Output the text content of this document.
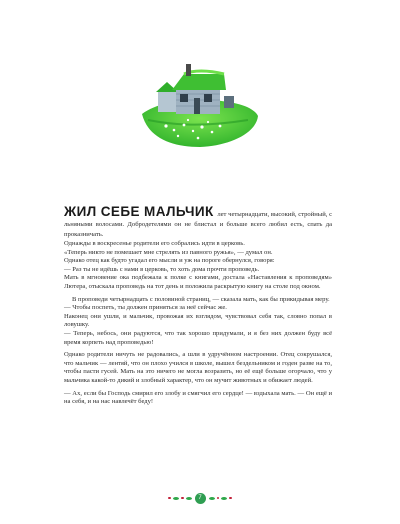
ЖИЛ СЕБЕ МАЛЬЧИК лет четырнадцати, высокий, стройный, с льняными волосами. Добродетелями он не блистал и больше всего любил есть, спать да проказничать.

Однажды в воскресенье родители его собрались идти в церковь.

«Теперь никто не помешает мне стрелять из павного ружья», — думал он.

Однако отец как будто угадал его мысли и уж на пороге обернулся, говоря:

— Раз ты не идёшь с нами в церковь, то хоть дома прочти проповедь.

Мать в мгновение ока подбежала к полке с книгами, достала «Наставления к проповедям» Лютера, отыскала проповедь на тот день и положила раскрытую книгу на столе под окном.

В проповеди четырнадцать с половиной страниц, — сказала мать, как бы прикидывая меру.

— Чтобы поспеть, ты должен приняться за неё сейчас же.

Наконец они ушли, и мальчик, провожая их взглядом, чувствовал себя так, словно попал в ловушку.

— Теперь, небось, они радуются, что так хорошо придумали, и я без них должен буду всё время корпеть над проповедью!

Однако родители ничуть не радовались, а шли в удручённом настроении. Отец сокрушался, что мальчик — лентяй, что он плохо учился в школе, вышел бездельником и годен разве на то, чтобы пасти гусей. Мать на это ничего не могла возразить, но её ещё больше огорчало, что у мальчика какой-то дикий и злобный характер, что он мучит животных и обижает людей.

— Ах, если бы Господь смирил его злобу и смягчил его сердце! — вздыхала мать. — Он ещё и на себя, и на нас навлечёт беду!

7
